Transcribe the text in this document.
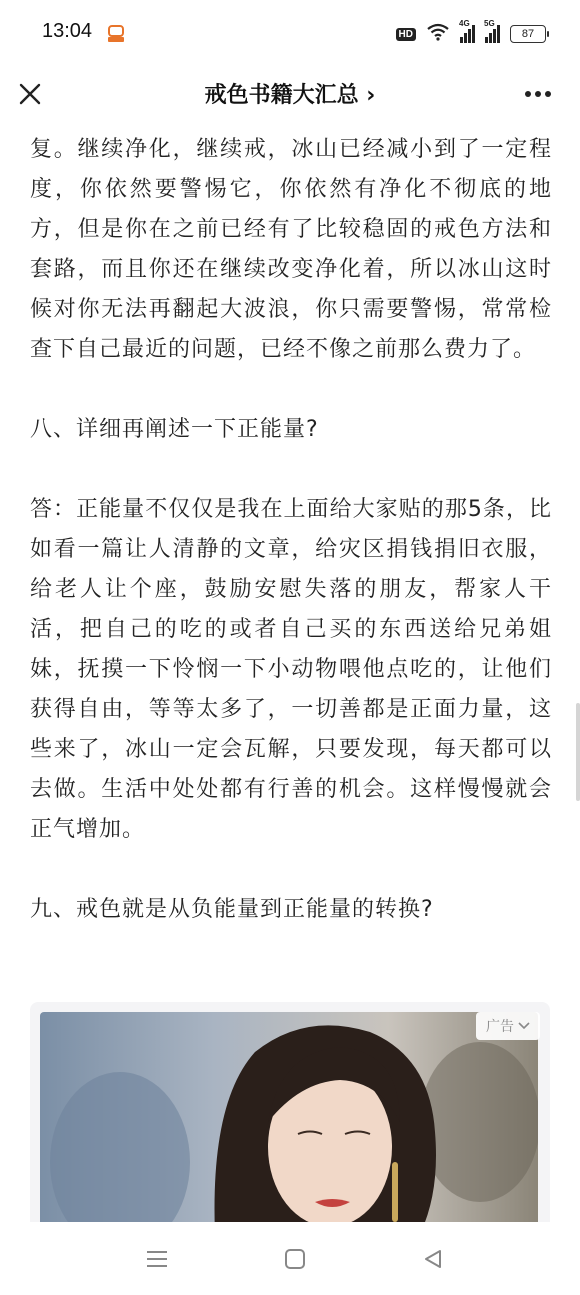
13:04	HD
4G 5G
87
戒色书籍大汇总 ›

复。继续净化，继续戒，冰山已经减小到了一定程度，你依然要警惕它，你依然有净化不彻底的地方，但是你在之前已经有了比较稳固的戒色方法和套路，而且你还在继续改变净化着，所以冰山这时候对你无法再翻起大波浪，你只需要警惕，常常检查下自己最近的问题，已经不像之前那么费力了。

八、详细再阐述一下正能量?

答：正能量不仅仅是我在上面给大家贴的那5条，比如看一篇让人清静的文章，给灾区捐钱捐旧衣服，给老人让个座，鼓励安慰失落的朋友，帮家人干活，把自己的吃的或者自己买的东西送给兄弟姐妹，抚摸一下怜悯一下小动物喂他点吃的，让他们获得自由，等等太多了，一切善都是正面力量，这些来了，冰山一定会瓦解，只要发现，每天都可以去做。生活中处处都有行善的机会。这样慢慢就会正气增加。

九、戒色就是从负能量到正能量的转换?

广告
